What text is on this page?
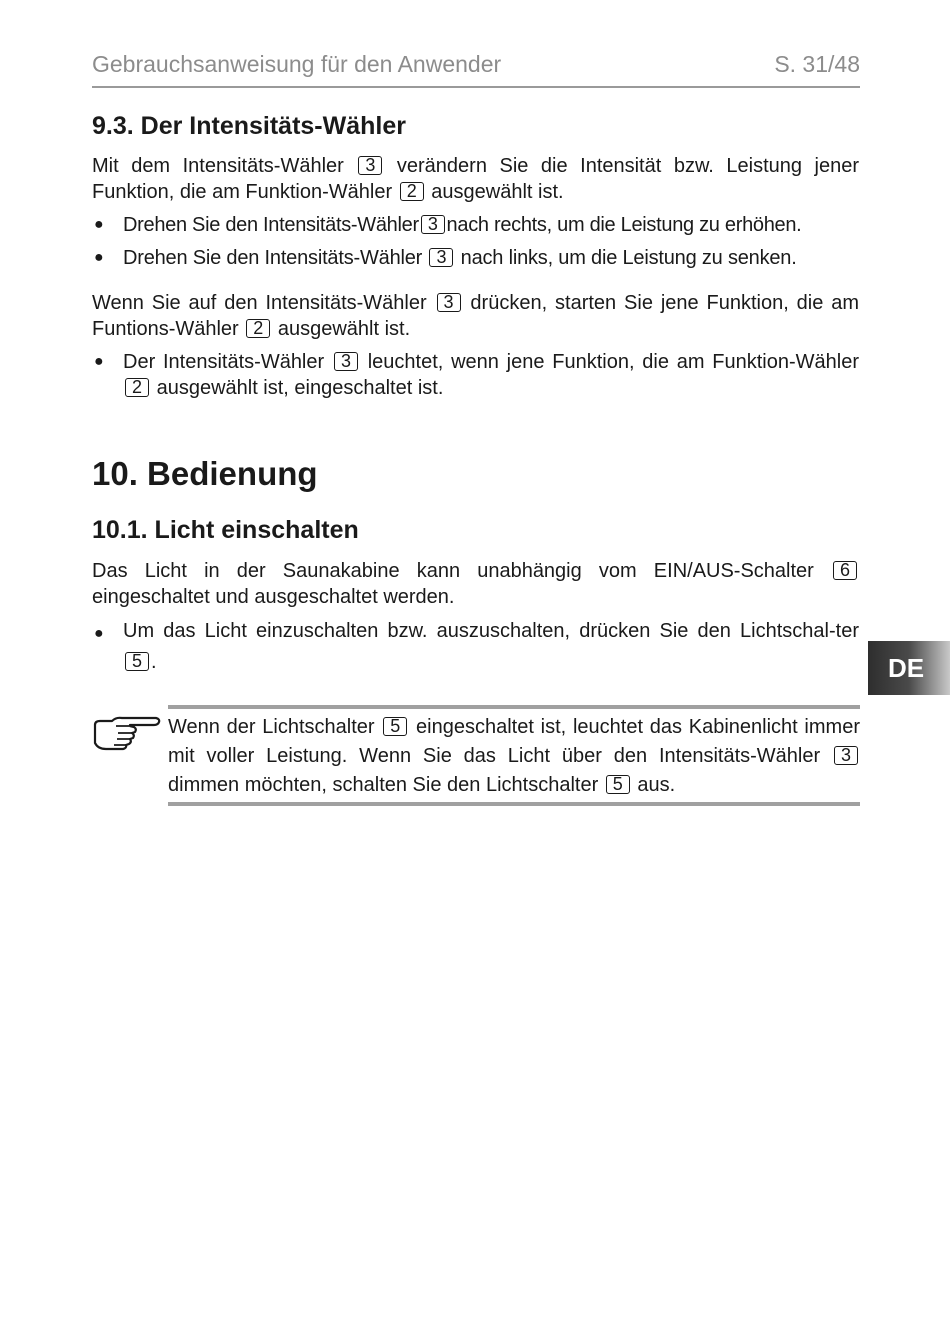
Gebrauchsanweisung für den Anwender	S. 31/48
DE
9.3. Der Intensitäts-Wähler

Mit dem Intensitäts-Wähler 3 verändern Sie die Intensität bzw. Leistung jener Funktion, die am Funktion-Wähler 2 ausgewählt ist.

● Drehen Sie den Intensitäts-Wähler 3 nach rechts, um die Leistung zu erhöhen.
● Drehen Sie den Intensitäts-Wähler 3 nach links, um die Leistung zu senken.

Wenn Sie auf den Intensitäts-Wähler 3 drücken, starten Sie jene Funktion, die am Funtions-Wähler 2 ausgewählt ist.

● Der Intensitäts-Wähler 3 leuchtet, wenn jene Funktion, die am Funktion-Wähler 2 ausgewählt ist, eingeschaltet ist.
10. Bedienung
10.1. Licht einschalten

Das Licht in der Saunakabine kann unabhängig vom EIN/AUS-Schalter 6 eingeschaltet und ausgeschaltet werden.

● Um das Licht einzuschalten bzw. auszuschalten, drücken Sie den Lichtschal-ter 5 .

Wenn der Lichtschalter 5 eingeschaltet ist, leuchtet das Kabinenlicht immer mit voller Leistung. Wenn Sie das Licht über den Intensitäts-Wähler 3 dimmen möchten, schalten Sie den Lichtschalter 5 aus.
